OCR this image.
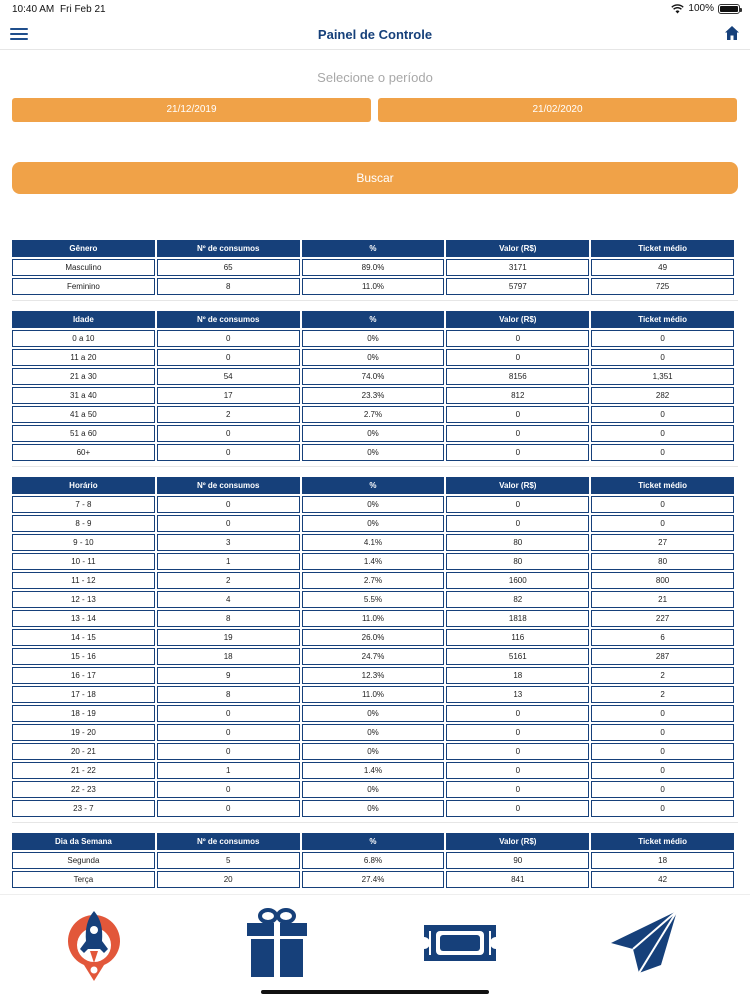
10:40 AM Fri Feb 21	100%
Painel de Controle
Selecione o período
21/12/2019	21/02/2020
Buscar
Gênero	Nº de consumos	%	Valor (R$)	Ticket médio
Masculino	65	89.0%	3171	49
Feminino	8	11.0%	5797	725
Idade	Nº de consumos	%	Valor (R$)	Ticket médio
0 a 10	0	0%	0	0
11 a 20	0	0%	0	0
21 a 30	54	74.0%	8156	1,351
31 a 40	17	23.3%	812	282
41 a 50	2	2.7%	0	0
51 a 60	0	0%	0	0
60+	0	0%	0	0
Horário	Nº de consumos	%	Valor (R$)	Ticket médio
7 - 8	0	0%	0	0
8 - 9	0	0%	0	0
9 - 10	3	4.1%	80	27
10 - 11	1	1.4%	80	80
11 - 12	2	2.7%	1600	800
12 - 13	4	5.5%	82	21
13 - 14	8	11.0%	1818	227
14 - 15	19	26.0%	116	6
15 - 16	18	24.7%	5161	287
16 - 17	9	12.3%	18	2
17 - 18	8	11.0%	13	2
18 - 19	0	0%	0	0
19 - 20	0	0%	0	0
20 - 21	0	0%	0	0
21 - 22	1	1.4%	0	0
22 - 23	0	0%	0	0
23 - 7	0	0%	0	0
Dia da Semana	Nº de consumos	%	Valor (R$)	Ticket médio
Segunda	5	6.8%	90	18
Terça	20	27.4%	841	42
